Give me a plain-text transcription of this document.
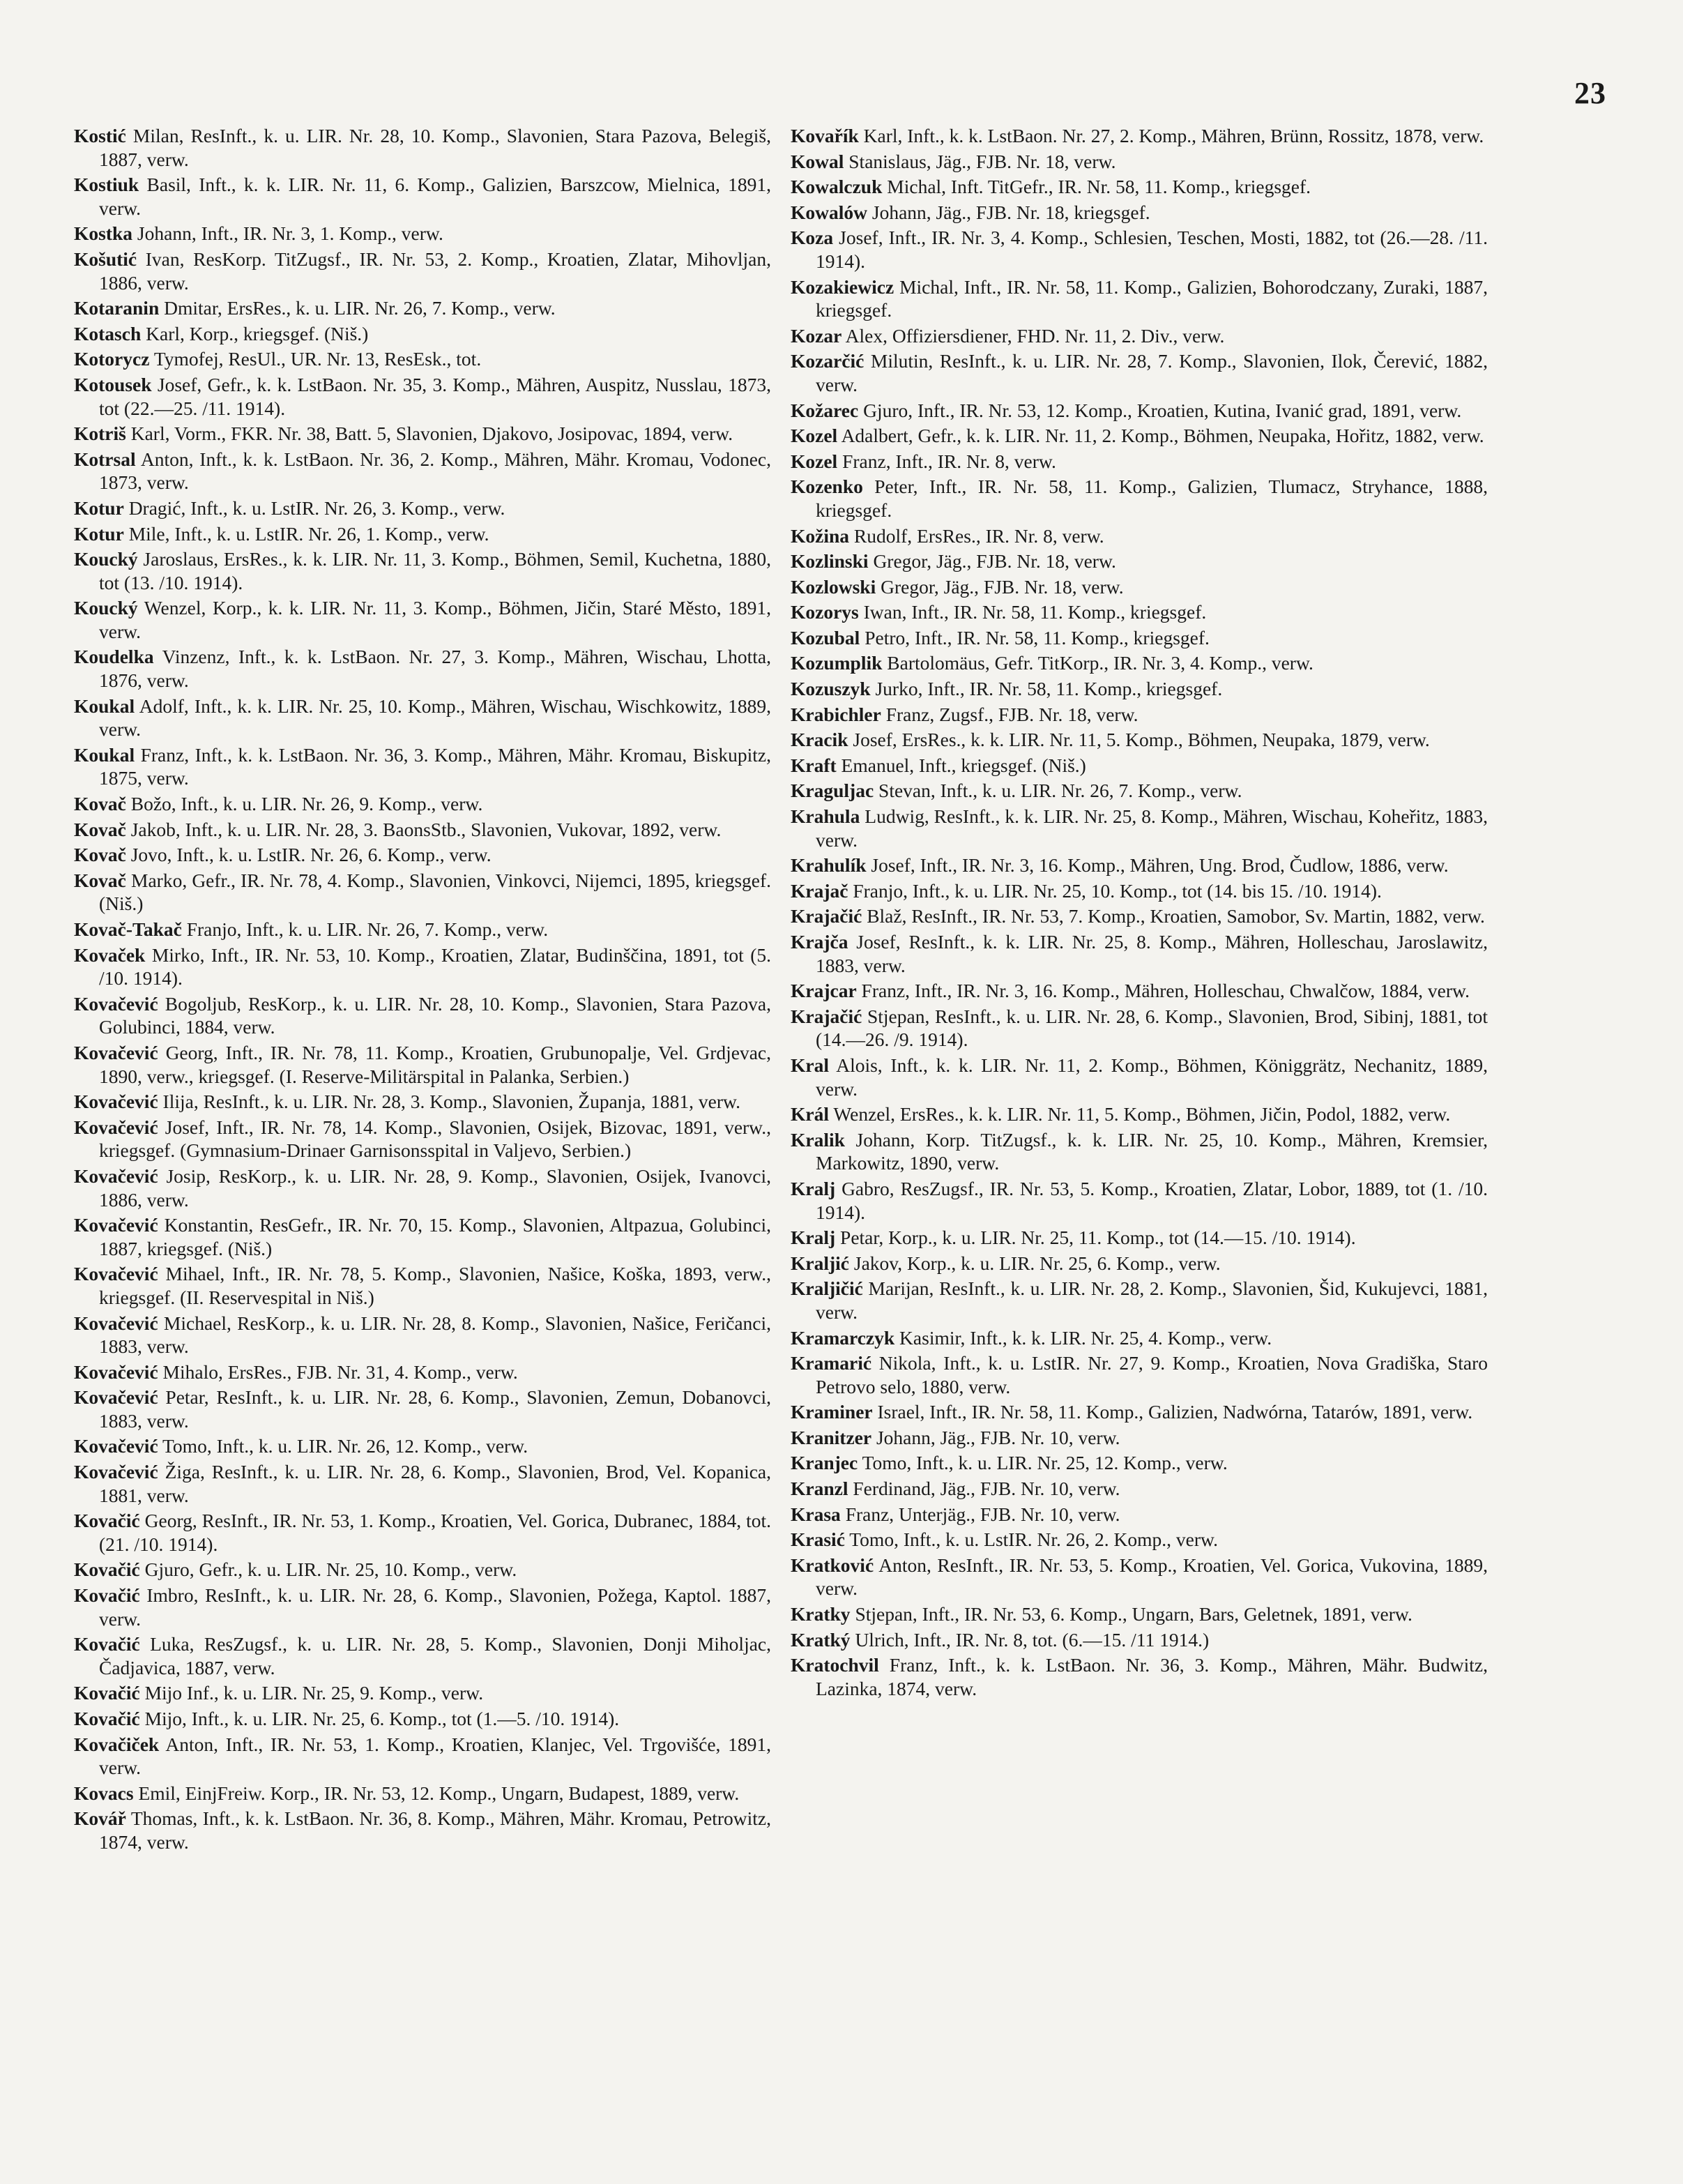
23

Kostić Milan, ResInft., k. u. LIR. Nr. 28, 10. Komp., Slavonien, Stara Pazova, Belegiš, 1887, verw.

Kostiuk Basil, Inft., k. k. LIR. Nr. 11, 6. Komp., Galizien, Barszcow, Mielnica, 1891, verw.

Kostka Johann, Inft., IR. Nr. 3, 1. Komp., verw.

Košutić Ivan, ResKorp. TitZugsf., IR. Nr. 53, 2. Komp., Kroatien, Zlatar, Mihovljan, 1886, verw.

Kotaranin Dmitar, ErsRes., k. u. LIR. Nr. 26, 7. Komp., verw.

Kotasch Karl, Korp., kriegsgef. (Niš.)

Kotorycz Tymofej, ResUl., UR. Nr. 13, ResEsk., tot.

Kotousek Josef, Gefr., k. k. LstBaon. Nr. 35, 3. Komp., Mähren, Auspitz, Nusslau, 1873, tot (22.—25. /11. 1914).

Kotriš Karl, Vorm., FKR. Nr. 38, Batt. 5, Slavonien, Djakovo, Josipovac, 1894, verw.

Kotrsal Anton, Inft., k. k. LstBaon. Nr. 36, 2. Komp., Mähren, Mähr. Kromau, Vodonec, 1873, verw.

Kotur Dragić, Inft., k. u. LstIR. Nr. 26, 3. Komp., verw.

Kotur Mile, Inft., k. u. LstIR. Nr. 26, 1. Komp., verw.

Koucký Jaroslaus, ErsRes., k. k. LIR. Nr. 11, 3. Komp., Böhmen, Semil, Kuchetna, 1880, tot (13. /10. 1914).

Koucký Wenzel, Korp., k. k. LIR. Nr. 11, 3. Komp., Böhmen, Jičin, Staré Město, 1891, verw.

Koudelka Vinzenz, Inft., k. k. LstBaon. Nr. 27, 3. Komp., Mähren, Wischau, Lhotta, 1876, verw.

Koukal Adolf, Inft., k. k. LIR. Nr. 25, 10. Komp., Mähren, Wischau, Wischkowitz, 1889, verw.

Koukal Franz, Inft., k. k. LstBaon. Nr. 36, 3. Komp., Mähren, Mähr. Kromau, Biskupitz, 1875, verw.

Kovač Božo, Inft., k. u. LIR. Nr. 26, 9. Komp., verw.

Kovač Jakob, Inft., k. u. LIR. Nr. 28, 3. BaonsStb., Slavonien, Vukovar, 1892, verw.

Kovač Jovo, Inft., k. u. LstIR. Nr. 26, 6. Komp., verw.

Kovač Marko, Gefr., IR. Nr. 78, 4. Komp., Slavonien, Vinkovci, Nijemci, 1895, kriegsgef. (Niš.)

Kovač-Takač Franjo, Inft., k. u. LIR. Nr. 26, 7. Komp., verw.

Kovaček Mirko, Inft., IR. Nr. 53, 10. Komp., Kroatien, Zlatar, Budinščina, 1891, tot (5. /10. 1914).

Kovačević Bogoljub, ResKorp., k. u. LIR. Nr. 28, 10. Komp., Slavonien, Stara Pazova, Golubinci, 1884, verw.

Kovačević Georg, Inft., IR. Nr. 78, 11. Komp., Kroatien, Grubunopalje, Vel. Grdjevac, 1890, verw., kriegsgef. (I. Reserve-Militärspital in Palanka, Serbien.)

Kovačević Ilija, ResInft., k. u. LIR. Nr. 28, 3. Komp., Slavonien, Županja, 1881, verw.

Kovačević Josef, Inft., IR. Nr. 78, 14. Komp., Slavonien, Osijek, Bizovac, 1891, verw., kriegsgef. (Gymnasium-Drinaer Garnisonsspital in Valjevo, Serbien.)

Kovačević Josip, ResKorp., k. u. LIR. Nr. 28, 9. Komp., Slavonien, Osijek, Ivanovci, 1886, verw.

Kovačević Konstantin, ResGefr., IR. Nr. 70, 15. Komp., Slavonien, Altpazua, Golubinci, 1887, kriegsgef. (Niš.)

Kovačević Mihael, Inft., IR. Nr. 78, 5. Komp., Slavonien, Našice, Koška, 1893, verw., kriegsgef. (II. Reservespital in Niš.)

Kovačević Michael, ResKorp., k. u. LIR. Nr. 28, 8. Komp., Slavonien, Našice, Feričanci, 1883, verw.

Kovačević Mihalo, ErsRes., FJB. Nr. 31, 4. Komp., verw.

Kovačević Petar, ResInft., k. u. LIR. Nr. 28, 6. Komp., Slavonien, Zemun, Dobanovci, 1883, verw.

Kovačević Tomo, Inft., k. u. LIR. Nr. 26, 12. Komp., verw.

Kovačević Žiga, ResInft., k. u. LIR. Nr. 28, 6. Komp., Slavonien, Brod, Vel. Kopanica, 1881, verw.

Kovačić Georg, ResInft., IR. Nr. 53, 1. Komp., Kroatien, Vel. Gorica, Dubranec, 1884, tot. (21. /10. 1914).

Kovačić Gjuro, Gefr., k. u. LIR. Nr. 25, 10. Komp., verw.

Kovačić Imbro, ResInft., k. u. LIR. Nr. 28, 6. Komp., Slavonien, Požega, Kaptol. 1887, verw.

Kovačić Luka, ResZugsf., k. u. LIR. Nr. 28, 5. Komp., Slavonien, Donji Miholjac, Čadjavica, 1887, verw.

Kovačić Mijo Inf., k. u. LIR. Nr. 25, 9. Komp., verw.

Kovačić Mijo, Inft., k. u. LIR. Nr. 25, 6. Komp., tot (1.—5. /10. 1914).

Kovačiček Anton, Inft., IR. Nr. 53, 1. Komp., Kroatien, Klanjec, Vel. Trgovišće, 1891, verw.

Kovacs Emil, EinjFreiw. Korp., IR. Nr. 53, 12. Komp., Ungarn, Budapest, 1889, verw.

Kovář Thomas, Inft., k. k. LstBaon. Nr. 36, 8. Komp., Mähren, Mähr. Kromau, Petrowitz, 1874, verw.

Kovařík Karl, Inft., k. k. LstBaon. Nr. 27, 2. Komp., Mähren, Brünn, Rossitz, 1878, verw.

Kowal Stanislaus, Jäg., FJB. Nr. 18, verw.

Kowalczuk Michal, Inft. TitGefr., IR. Nr. 58, 11. Komp., kriegsgef.

Kowalów Johann, Jäg., FJB. Nr. 18, kriegsgef.

Koza Josef, Inft., IR. Nr. 3, 4. Komp., Schlesien, Teschen, Mosti, 1882, tot (26.—28. /11. 1914).

Kozakiewicz Michal, Inft., IR. Nr. 58, 11. Komp., Galizien, Bohorodczany, Zuraki, 1887, kriegsgef.

Kozar Alex, Offiziersdiener, FHD. Nr. 11, 2. Div., verw.

Kozarčić Milutin, ResInft., k. u. LIR. Nr. 28, 7. Komp., Slavonien, Ilok, Čerević, 1882, verw.

Kožarec Gjuro, Inft., IR. Nr. 53, 12. Komp., Kroatien, Kutina, Ivanić grad, 1891, verw.

Kozel Adalbert, Gefr., k. k. LIR. Nr. 11, 2. Komp., Böhmen, Neupaka, Hořitz, 1882, verw.

Kozel Franz, Inft., IR. Nr. 8, verw.

Kozenko Peter, Inft., IR. Nr. 58, 11. Komp., Galizien, Tlumacz, Stryhance, 1888, kriegsgef.

Kožina Rudolf, ErsRes., IR. Nr. 8, verw.

Kozlinski Gregor, Jäg., FJB. Nr. 18, verw.

Kozlowski Gregor, Jäg., FJB. Nr. 18, verw.

Kozorys Iwan, Inft., IR. Nr. 58, 11. Komp., kriegsgef.

Kozubal Petro, Inft., IR. Nr. 58, 11. Komp., kriegsgef.

Kozumplik Bartolomäus, Gefr. TitKorp., IR. Nr. 3, 4. Komp., verw.

Kozuszyk Jurko, Inft., IR. Nr. 58, 11. Komp., kriegsgef.

Krabichler Franz, Zugsf., FJB. Nr. 18, verw.

Kracik Josef, ErsRes., k. k. LIR. Nr. 11, 5. Komp., Böhmen, Neupaka, 1879, verw.

Kraft Emanuel, Inft., kriegsgef. (Niš.)

Kraguljac Stevan, Inft., k. u. LIR. Nr. 26, 7. Komp., verw.

Krahula Ludwig, ResInft., k. k. LIR. Nr. 25, 8. Komp., Mähren, Wischau, Kohеřitz, 1883, verw.

Krahulík Josef, Inft., IR. Nr. 3, 16. Komp., Mähren, Ung. Brod, Čudlow, 1886, verw.

Krajač Franjo, Inft., k. u. LIR. Nr. 25, 10. Komp., tot (14. bis 15. /10. 1914).

Krajačić Blaž, ResInft., IR. Nr. 53, 7. Komp., Kroatien, Samobor, Sv. Martin, 1882, verw.

Krajča Josef, ResInft., k. k. LIR. Nr. 25, 8. Komp., Mähren, Holleschau, Jaroslawitz, 1883, verw.

Krajcar Franz, Inft., IR. Nr. 3, 16. Komp., Mähren, Holleschau, Chwalčow, 1884, verw.

Krajačić Stjepan, ResInft., k. u. LIR. Nr. 28, 6. Komp., Slavonien, Brod, Sibinj, 1881, tot (14.—26. /9. 1914).

Kral Alois, Inft., k. k. LIR. Nr. 11, 2. Komp., Böhmen, Königgrätz, Nechanitz, 1889, verw.

Král Wenzel, ErsRes., k. k. LIR. Nr. 11, 5. Komp., Böhmen, Jičin, Podol, 1882, verw.

Kralik Johann, Korp. TitZugsf., k. k. LIR. Nr. 25, 10. Komp., Mähren, Kremsier, Markowitz, 1890, verw.

Kralj Gabro, ResZugsf., IR. Nr. 53, 5. Komp., Kroatien, Zlatar, Lobor, 1889, tot (1. /10. 1914).

Kralj Petar, Korp., k. u. LIR. Nr. 25, 11. Komp., tot (14.—15. /10. 1914).

Kraljić Jakov, Korp., k. u. LIR. Nr. 25, 6. Komp., verw.

Kraljičić Marijan, ResInft., k. u. LIR. Nr. 28, 2. Komp., Slavonien, Šid, Kukujevci, 1881, verw.

Kramarczyk Kasimir, Inft., k. k. LIR. Nr. 25, 4. Komp., verw.

Kramarić Nikola, Inft., k. u. LstIR. Nr. 27, 9. Komp., Kroatien, Nova Gradiška, Staro Petrovo selo, 1880, verw.

Kraminer Israel, Inft., IR. Nr. 58, 11. Komp., Galizien, Nadwórna, Tatarów, 1891, verw.

Kranitzer Johann, Jäg., FJB. Nr. 10, verw.

Kranjec Tomo, Inft., k. u. LIR. Nr. 25, 12. Komp., verw.

Kranzl Ferdinand, Jäg., FJB. Nr. 10, verw.

Krasa Franz, Unterjäg., FJB. Nr. 10, verw.

Krasić Tomo, Inft., k. u. LstIR. Nr. 26, 2. Komp., verw.

Kratković Anton, ResInft., IR. Nr. 53, 5. Komp., Kroatien, Vel. Gorica, Vukovina, 1889, verw.

Kratky Stjepan, Inft., IR. Nr. 53, 6. Komp., Ungarn, Bars, Geletnek, 1891, verw.

Kratký Ulrich, Inft., IR. Nr. 8, tot. (6.—15. /11 1914.)

Kratochvil Franz, Inft., k. k. LstBaon. Nr. 36, 3. Komp., Mähren, Mähr. Budwitz, Lazinka, 1874, verw.
